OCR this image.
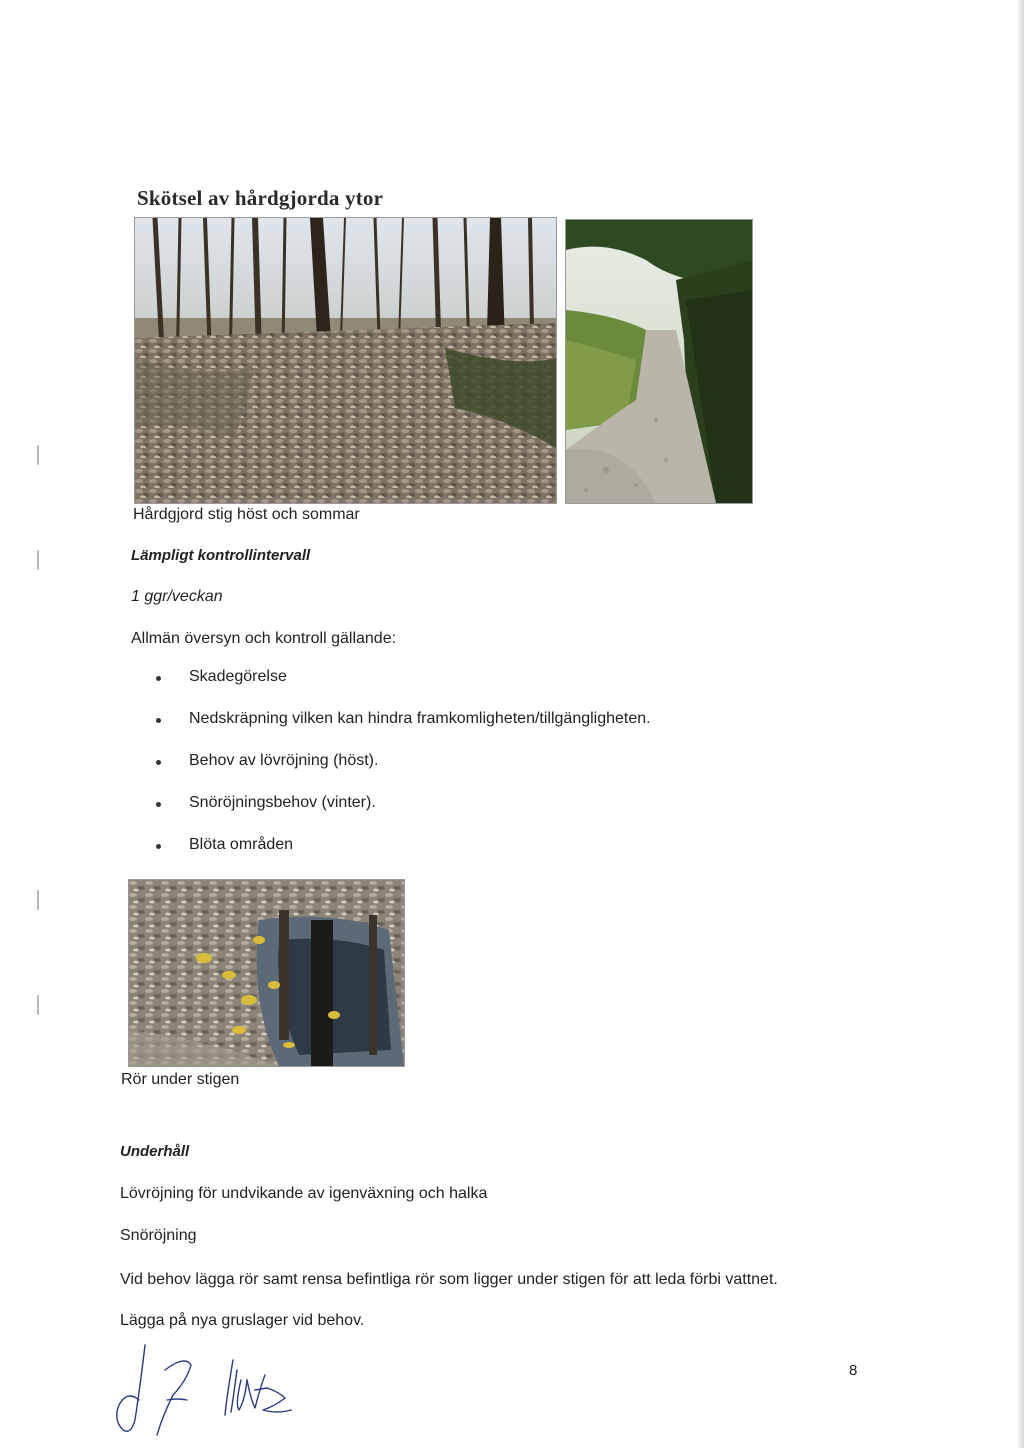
Skötsel av hårdgjorda ytor
Hårdgjord stig höst och sommar
Lämpligt kontrollintervall
1 ggr/veckan
Allmän översyn och kontroll gällande:
Skadegörelse
Nedskräpning vilken kan hindra framkomligheten/tillgängligheten.
Behov av lövröjning (höst).
Snöröjningsbehov (vinter).
Blöta områden
Rör under stigen
Underhåll
Lövröjning för undvikande av igenväxning och halka
Snöröjning
Vid behov lägga rör samt rensa befintliga rör som ligger under stigen för att leda förbi vattnet.
Lägga på nya gruslager vid behov.
8
